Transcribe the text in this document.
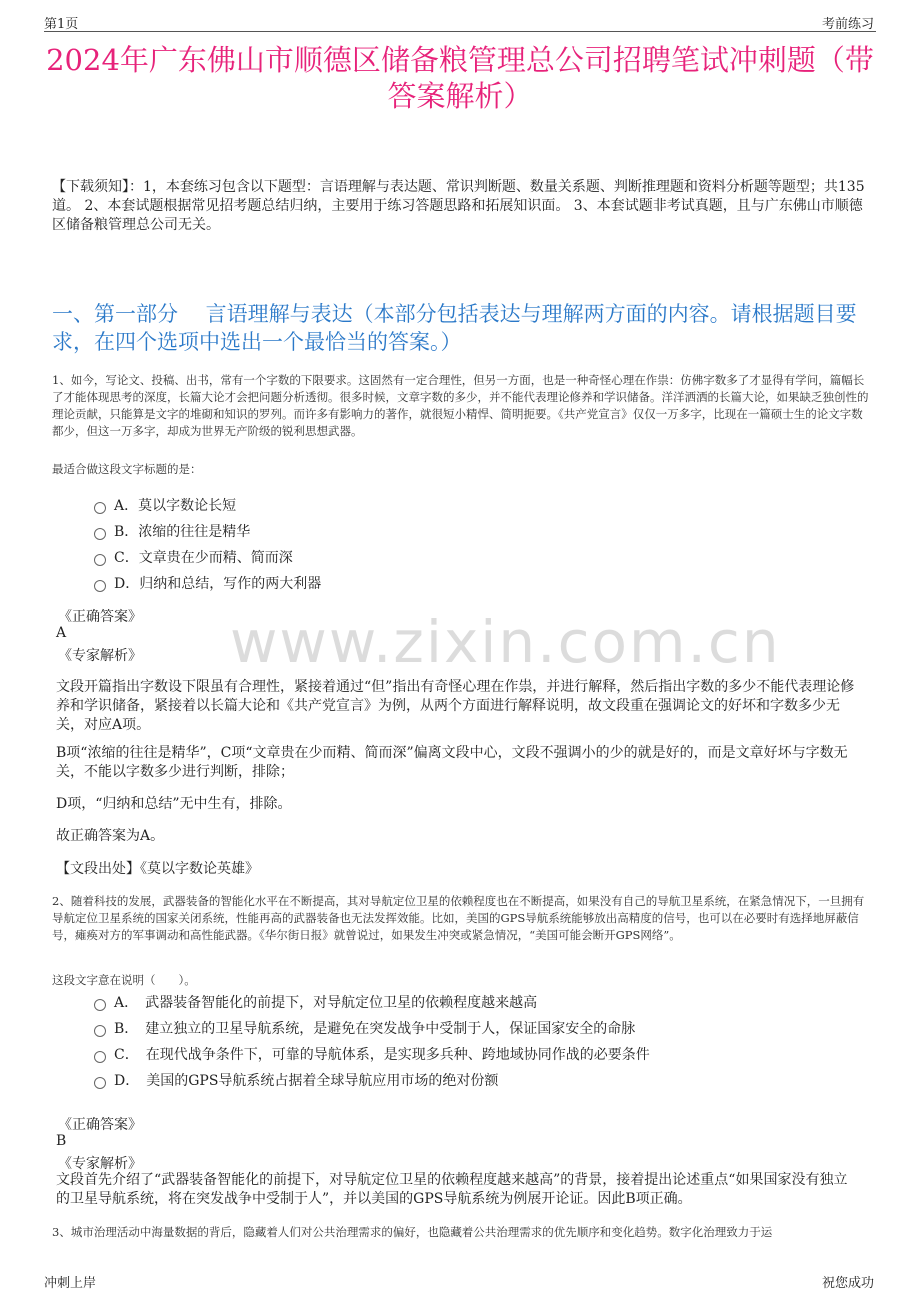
第1页	考前练习
2024年广东佛山市顺德区储备粮管理总公司招聘笔试冲刺题（带答案解析）
【下载须知】：1，本套练习包含以下题型：言语理解与表达题、常识判断题、数量关系题、判断推理题和资料分析题等题型；共135道。 2、本套试题根据常见招考题总结归纳，主要用于练习答题思路和拓展知识面。 3、本套试题非考试真题，且与广东佛山市顺德区储备粮管理总公司无关。
一、第一部分　 言语理解与表达（本部分包括表达与理解两方面的内容。请根据题目要求，在四个选项中选出一个最恰当的答案。）
www.zixin.com.cn
1、如今，写论文、投稿、出书，常有一个字数的下限要求。这固然有一定合理性，但另一方面，也是一种奇怪心理在作祟：仿佛字数多了才显得有学问，篇幅长了才能体现思考的深度，长篇大论才会把问题分析透彻。很多时候，文章字数的多少，并不能代表理论修养和学识储备。洋洋洒洒的长篇大论，如果缺乏独创性的理论贡献，只能算是文字的堆砌和知识的罗列。而许多有影响力的著作，就很短小精悍、简明扼要。《共产党宣言》仅仅一万多字，比现在一篇硕士生的论文字数都少，但这一万多字，却成为世界无产阶级的锐利思想武器。
最适合做这段文字标题的是：
A．莫以字数论长短
B．浓缩的往往是精华
C．文章贵在少而精、简而深
D．归纳和总结，写作的两大利器
《正确答案》
A
《专家解析》
文段开篇指出字数设下限虽有合理性，紧接着通过“但”指出有奇怪心理在作祟，并进行解释，然后指出字数的多少不能代表理论修养和学识储备，紧接着以长篇大论和《共产党宣言》为例，从两个方面进行解释说明，故文段重在强调论文的好坏和字数多少无关，对应A项。
B项“浓缩的往往是精华”，C项“文章贵在少而精、简而深”偏离文段中心，文段不强调小的少的就是好的，而是文章好坏与字数无关，不能以字数多少进行判断，排除；
D项，“归纳和总结”无中生有，排除。
故正确答案为A。
【文段出处】《莫以字数论英雄》
2、随着科技的发展，武器装备的智能化水平在不断提高，其对导航定位卫星的依赖程度也在不断提高，如果没有自己的导航卫星系统，在紧急情况下，一旦拥有导航定位卫星系统的国家关闭系统，性能再高的武器装备也无法发挥效能。比如，美国的GPS导航系统能够放出高精度的信号，也可以在必要时有选择地屏蔽信号，瘫痪对方的军事调动和高性能武器。《华尔街日报》就曾说过，如果发生冲突或紧急情况，“美国可能会断开GPS网络”。
这段文字意在说明（　　）。
A．　武器装备智能化的前提下，对导航定位卫星的依赖程度越来越高
B．　建立独立的卫星导航系统，是避免在突发战争中受制于人，保证国家安全的命脉
C．　在现代战争条件下，可靠的导航体系，是实现多兵种、跨地域协同作战的必要条件
D．　美国的GPS导航系统占据着全球导航应用市场的绝对份额
《正确答案》
B
《专家解析》
文段首先介绍了“武器装备智能化的前提下，对导航定位卫星的依赖程度越来越高”的背景，接着提出论述重点“如果国家没有独立的卫星导航系统，将在突发战争中受制于人”，并以美国的GPS导航系统为例展开论证。因此B项正确。
3、城市治理活动中海量数据的背后，隐藏着人们对公共治理需求的偏好，也隐藏着公共治理需求的优先顺序和变化趋势。数字化治理致力于运
冲刺上岸	祝您成功
